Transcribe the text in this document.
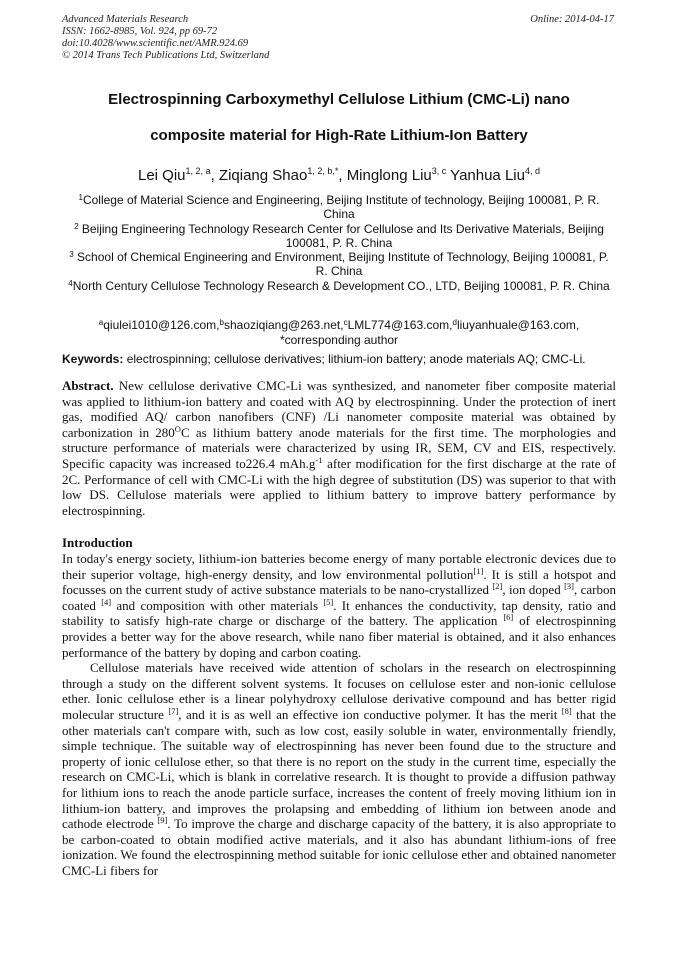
Advanced Materials Research
ISSN: 1662-8985, Vol. 924, pp 69-72
doi:10.4028/www.scientific.net/AMR.924.69
© 2014 Trans Tech Publications Ltd, Switzerland
Online: 2014-04-17
Electrospinning Carboxymethyl Cellulose Lithium (CMC-Li) nano
composite material for High-Rate Lithium-Ion Battery
Lei Qiu$^{1, 2, a}$, Ziqiang Shao$^{1, 2, b,*}$, Minglong Liu$^{3, c}$ Yanhua Liu$^{4, d}$
$^1$College of Material Science and Engineering, Beijing Institute of technology, Beijing 100081, P. R. China
$^2$ Beijing Engineering Technology Research Center for Cellulose and Its Derivative Materials, Beijing 100081, P. R. China
$^3$ School of Chemical Engineering and Environment, Beijing Institute of Technology, Beijing 100081, P. R. China
$^4$North Century Cellulose Technology Research & Development CO., LTD, Beijing 100081, P. R. China
$^a$qiulei1010@126.com,$^b$shaoziqiang@263.net,$^c$LML774@163.com,$^d$liuyanhuale@163.com,
*corresponding author
Keywords: electrospinning; cellulose derivatives; lithium-ion battery; anode materials AQ; CMC-Li.
Abstract. New cellulose derivative CMC-Li was synthesized, and nanometer fiber composite material was applied to lithium-ion battery and coated with AQ by electrospinning. Under the protection of inert gas, modified AQ/ carbon nanofibers (CNF) /Li nanometer composite material was obtained by carbonization in $280^OC$ as lithium battery anode materials for the first time. The morphologies and structure performance of materials were characterized by using IR, SEM, CV and EIS, respectively. Specific capacity was increased to226.4 $mAh.g^{-1}$ after modification for the first discharge at the rate of 2C. Performance of cell with CMC-Li with the high degree of substitution (DS) was superior to that with low DS. Cellulose materials were applied to lithium battery to improve battery performance by electrospinning.
Introduction

In today's energy society, lithium-ion batteries become energy of many portable electronic devices due to their superior voltage, high-energy density, and low environmental pollution[1]. It is still a hotspot and focusses on the current study of active substance materials to be nano-crystallized [2], ion doped [3], carbon coated [4] and composition with other materials [5]. It enhances the conductivity, tap density, ratio and stability to satisfy high-rate charge or discharge of the battery. The application [6] of electrospinning provides a better way for the above research, while nano fiber material is obtained, and it also enhances performance of the battery by doping and carbon coating.

Cellulose materials have received wide attention of scholars in the research on electrospinning through a study on the different solvent systems. It focuses on cellulose ester and non-ionic cellulose ether. Ionic cellulose ether is a linear polyhydroxy cellulose derivative compound and has better rigid molecular structure [7], and it is as well an effective ion conductive polymer. It has the merit [8] that the other materials can't compare with, such as low cost, easily soluble in water, environmentally friendly, simple technique. The suitable way of electrospinning has never been found due to the structure and property of ionic cellulose ether, so that there is no report on the study in the current time, especially the research on CMC-Li, which is blank in correlative research. It is thought to provide a diffusion pathway for lithium ions to reach the anode particle surface, increases the content of freely moving lithium ion in lithium-ion battery, and improves the prolapsing and embedding of lithium ion between anode and cathode electrode [9]. To improve the charge and discharge capacity of the battery, it is also appropriate to be carbon-coated to obtain modified active materials, and it also has abundant lithium-ions of free ionization. We found the electrospinning method suitable for ionic cellulose ether and obtained nanometer CMC-Li fibers for
